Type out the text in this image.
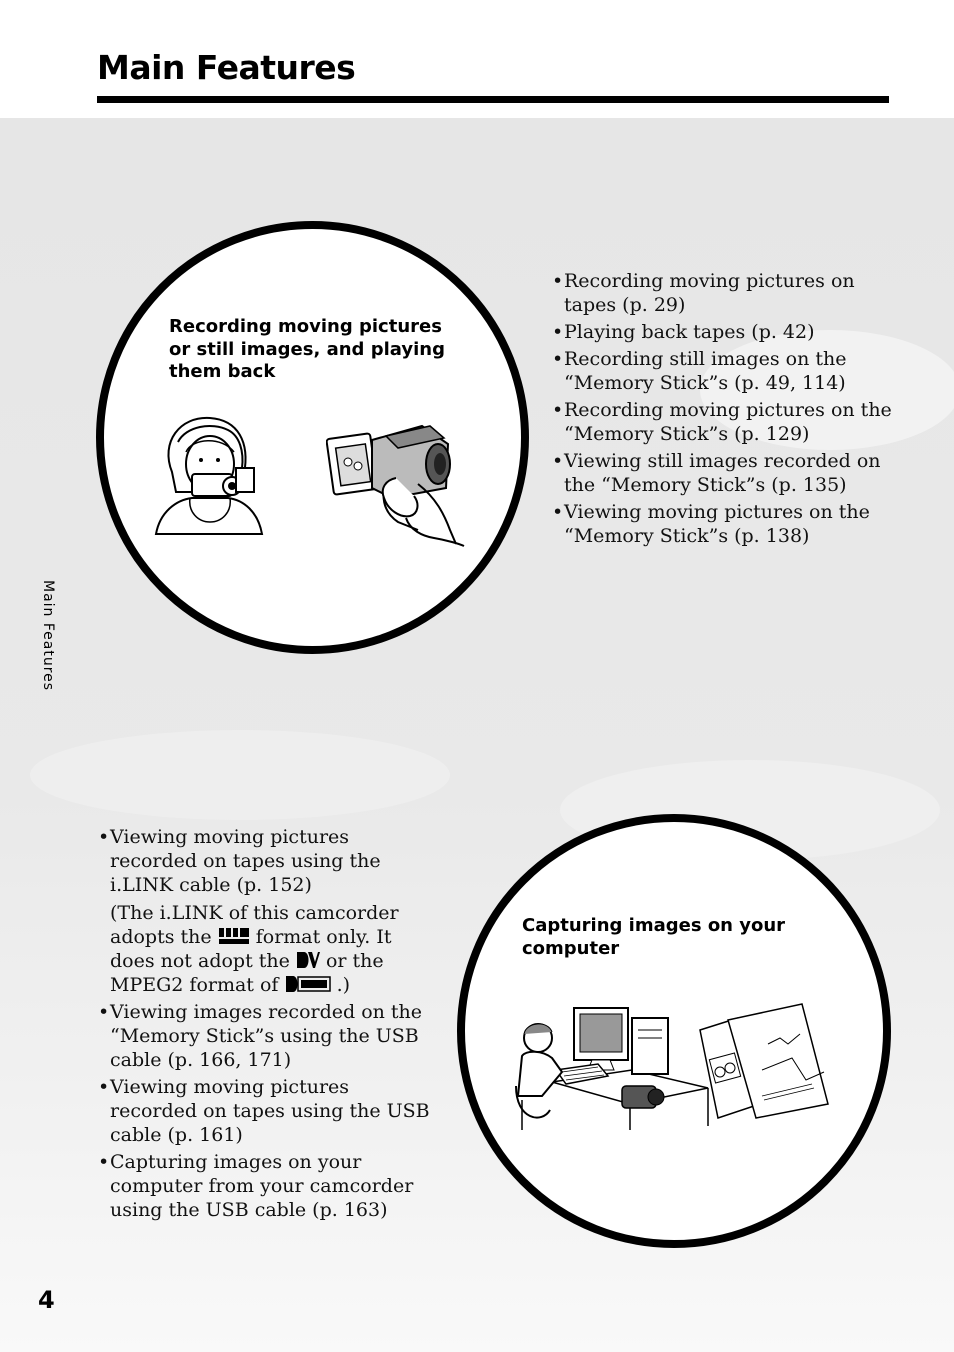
Main Features
Recording moving pictures or still images, and playing them back
• Recording moving pictures on tapes (p. 29)
• Playing back tapes (p. 42)
• Recording still images on the “Memory Stick”s (p. 49, 114)
• Recording moving pictures on the “Memory Stick”s (p. 129)
• Viewing still images recorded on the “Memory Stick”s (p. 135)
• Viewing moving pictures on the “Memory Stick”s (p. 138)
Main Features
• Viewing moving pictures recorded on tapes using the i.LINK cable (p. 152)
(The i.LINK of this camcorder adopts the format only. It does not adopt the or the MPEG2 format of	.)
• Viewing images recorded on the “Memory Stick”s using the USB cable (p. 166, 171)
• Viewing moving pictures recorded on tapes using the USB cable (p. 161)
• Capturing images on your computer from your camcorder using the USB cable (p. 163)
Capturing images on your computer
4
